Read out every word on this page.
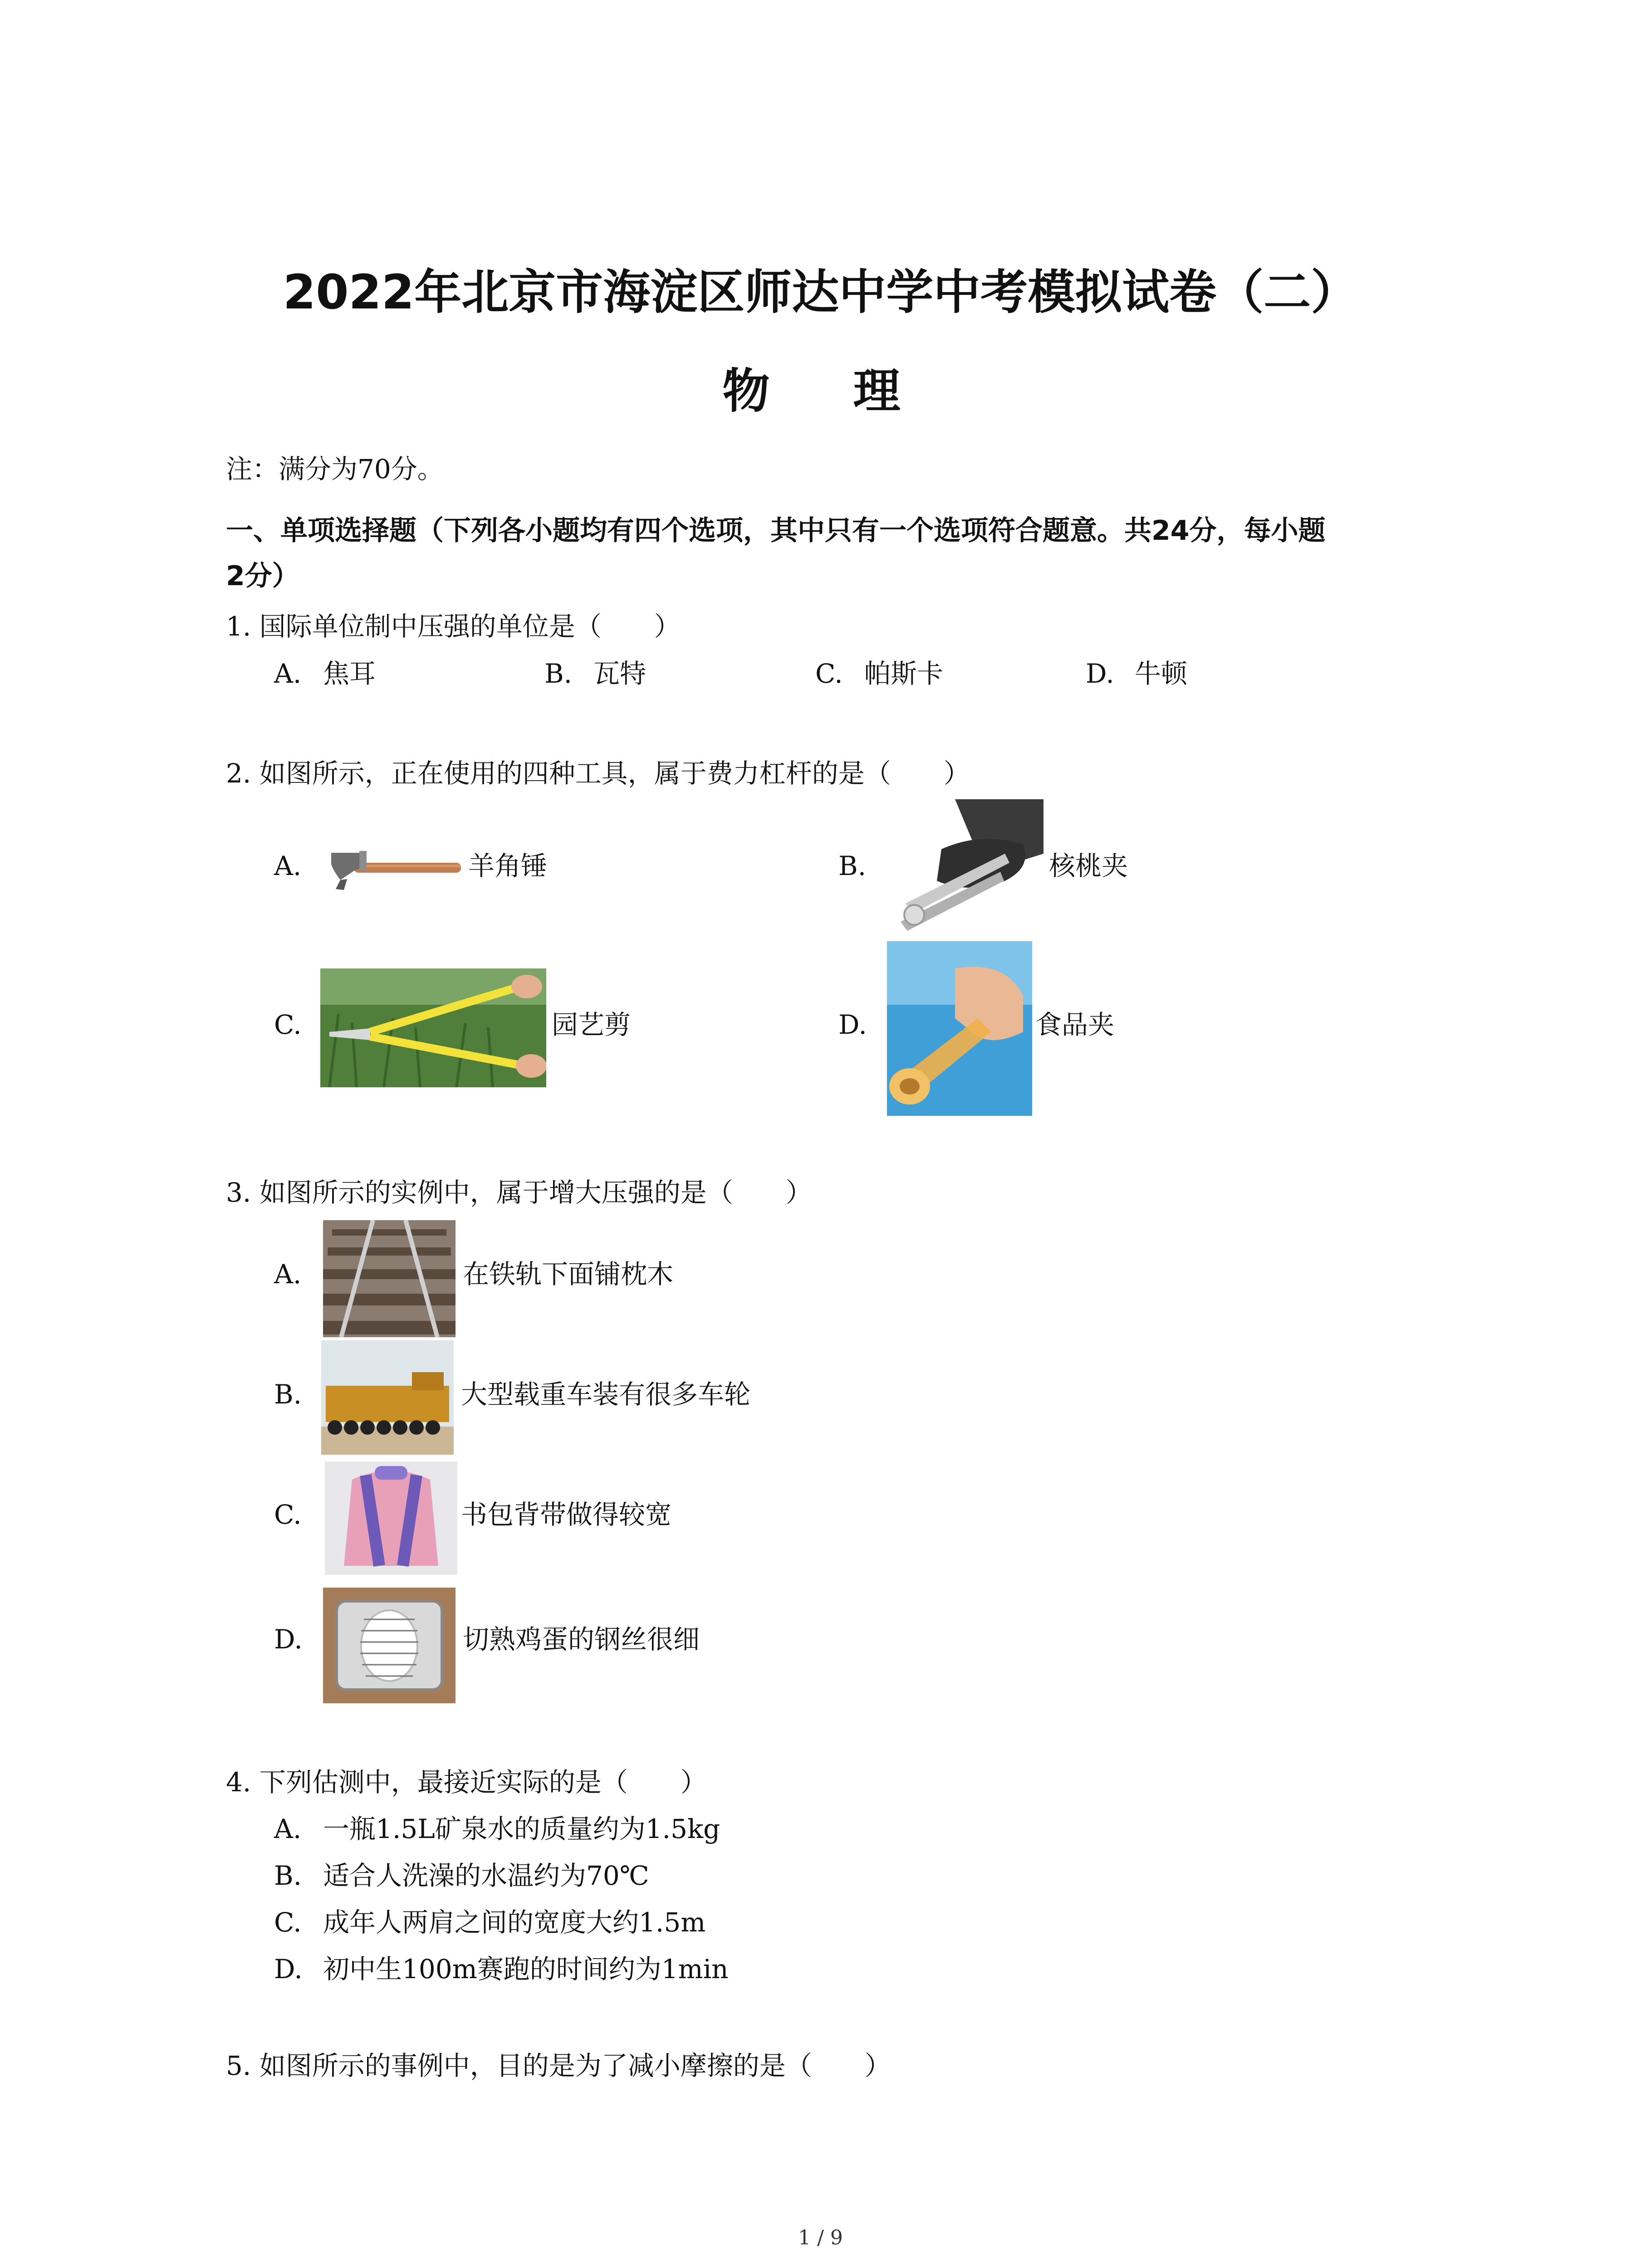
2022年北京市海淀区师达中学中考模拟试卷（二）
物　理
注：满分为70分。
一、单项选择题（下列各小题均有四个选项，其中只有一个选项符合题意。共24分，每小题
2分）
1. 国际单位制中压强的单位是（　　）
A. 焦耳	B. 瓦特	C. 帕斯卡	D. 牛顿
2. 如图所示，正在使用的四种工具，属于费力杠杆的是（　　）
A.	羊角锤	B.	核桃夹
C.	园艺剪	D.	食品夹
3. 如图所示的实例中，属于增大压强的是（　　）
A.	在铁轨下面铺枕木
B.	大型载重车装有很多车轮
C.	书包背带做得较宽
D.	切熟鸡蛋的钢丝很细
4. 下列估测中，最接近实际的是（　　）
A. 一瓶1.5L矿泉水的质量约为1.5kg
B. 适合人洗澡的水温约为70℃
C. 成年人两肩之间的宽度大约1.5m
D. 初中生100m赛跑的时间约为1min
5. 如图所示的事例中，目的是为了减小摩擦的是（　　）
1 / 9
